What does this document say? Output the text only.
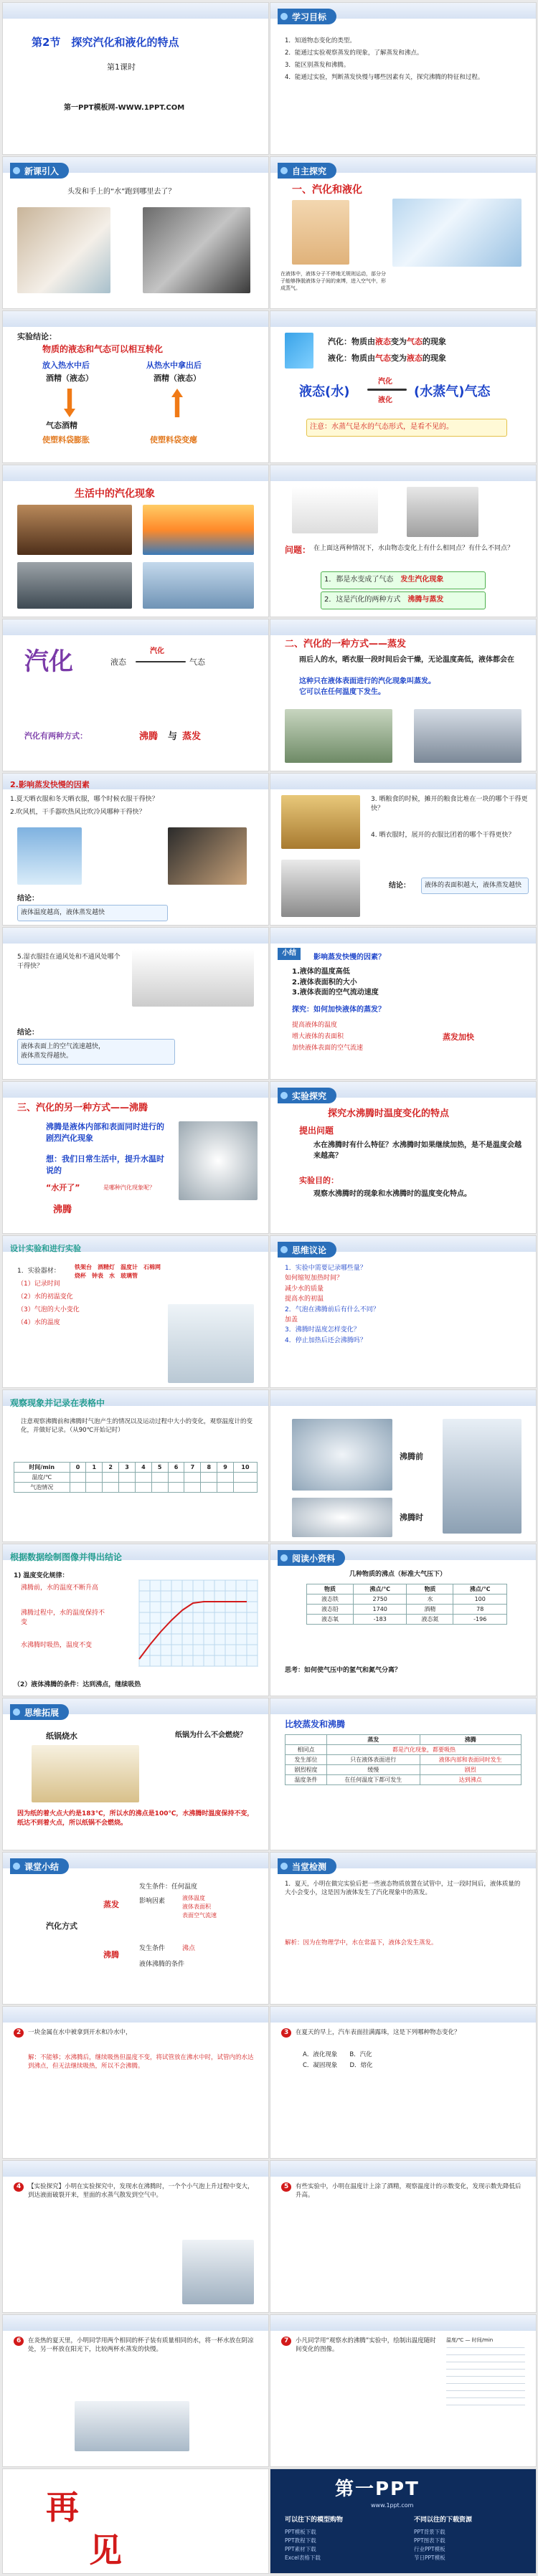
第2节　探究汽化和液化的特点
第1课时
第一PPT模板网-WWW.1PPT.COM
学习目标
1．知道物态变化的类型。
2．能通过实验观察蒸发的现象，了解蒸发和沸点。
3．能区别蒸发和沸腾。
4．能通过实验，判断蒸发快慢与哪些因素有关，探究沸腾的特征和过程。
新课引入
头发和手上的“水”跑到哪里去了？
自主探究
一、汽化和液化
在液体中，液体分子不停地无规则运动，部分分子能够挣脱液体分子间的束缚，进入空气中，形成蒸气。
实验结论：
物质的液态和气态可以相互转化
放入热水中后	从热水中拿出后
酒精（液态）	酒精（液态）
气态酒精
使塑料袋膨胀	使塑料袋变瘪
汽化：物质由液态变为气态的现象
液化：物质由气态变为液态的现象
液态(水)
汽化
液化
(水蒸气)气态
注意：水蒸气是水的气态形式，是看不见的。
生活中的汽化现象
问题： 在上面这两种情况下，水由物态变化上有什么相同点？有什么不同点？
1．都是水变成了气态　 发生汽化现象
2．这是汽化的两种方式　 沸腾与蒸发
汽化	液态
汽化
气态
汽化有两种方式：	沸腾 与 蒸发
二、汽化的一种方式——蒸发
雨后人的水，晒衣服一段时间后会干燥，无论温度高低，液体都会在
这种只在液体表面进行的汽化现象叫蒸发。
它可以在任何温度下发生。
2.影响蒸发快慢的因素
1.夏天晒衣服和冬天晒衣服，哪个时候衣服干得快？
2.吹风机，干手器吹热风比吹冷风哪种干得快？
结论：
液体温度越高，液体蒸发越快
3. 晒粮食的时候，摊开的粮食比堆在一块的哪个干得更快？
4. 晒衣服时，展开的衣服比团着的哪个干得更快？
结论：	液体的表面积越大，液体蒸发越快
5.湿衣服挂在通风处和不通风处哪个干得快？
结论：
液体表面上的空气流速越快，
液体蒸发得越快。
小结
影响蒸发快慢的因素？
1.液体的温度高低
2.液体表面积的大小
3.液体表面的空气流动速度
探究：如何加快液体的蒸发？
提高液体的温度
增大液体的表面积
加快液体表面的空气流速
蒸发加快
三、汽化的另一种方式——沸腾
沸腾是液体内部和表面同时进行的剧烈汽化现象
想：我们日常生活中，提升水温时说的
“水开了”	是哪种汽化现象呢？
沸腾
实验探究
探究水沸腾时温度变化的特点
提出问题
水在沸腾时有什么特征？水沸腾时如果继续加热，是不是温度会越来越高？
实验目的：
观察水沸腾时的现象和水沸腾时的温度变化特点。
设计实验和进行实验
1．实验器材：
（1）记录时间
（2）水的初温变化
（3）气泡的大小变化
（4）水的温度
铁架台　 酒精灯　 温度计　 石棉网
烧杯　 钟表　 水　 玻璃管
思维议论
1．实验中需要记录哪些量？
如何缩短加热时间？
减少水的质量
提高水的初温
2．气泡在沸腾前后有什么不同？
加盖
3．沸腾时温度怎样变化？
4．停止加热后还会沸腾吗？
观察现象并记录在表格中
注意观察沸腾前和沸腾时气泡产生的情况以及运动过程中大小的变化，观察温度计的变化，并做好记录。（从90℃开始记时）
时间/min	0	1	2	3	4	5	6	7	8	9	10
温度/℃											
气泡情况											
沸腾前
沸腾时
根据数据绘制图像并得出结论
1) 温度变化规律：
沸腾前，水的温度不断升高
沸腾过程中，水的温度保持不变
水沸腾时吸热，温度不变
（2）液体沸腾的条件：达到沸点，继续吸热
阅读小资料
几种物质的沸点（标准大气压下）
物质	沸点/℃	物质	沸点/℃
液态铁	2750	水	100
液态铅	1740	酒精	78
液态氧	-183	液态氮	-196
思考：如何使气压中的氢气和氮气分离？
思维拓展
纸锅烧水	纸锅为什么不会燃烧？
因为纸的着火点大约是183℃，所以水的沸点是100℃，水沸腾时温度保持不变，纸达不到着火点，所以纸锅不会燃烧。
比较蒸发和沸腾
	蒸发	沸腾
相同点	都是汽化现象，都要吸热	
发生部位	只在液体表面进行	液体内部和表面同时发生
剧烈程度	缓慢	剧烈
温度条件	在任何温度下都可发生	达到沸点
课堂小结
汽化方式
蒸发
沸腾
发生条件：任何温度
影响因素	液体温度
液体表面积
表面空气流速
发生条件	沸点
液体沸腾的条件
当堂检测
1．夏天，小明在做完实验后把一些液态物质放置在试管中，过一段时间后，液体质量的大小会变小，这是因为液体发生了汽化现象中的蒸发。
解析：因为在物理学中，水在常温下，液体会发生蒸发。
2	一块金属在水中被拿到开水和冷水中，
解：不能够；水沸腾后，继续吸热但温度不变，将试管放在沸水中时，试管内的水达到沸点，但无法继续吸热，所以不会沸腾。
3	在夏天的早上，汽车表面挂满露珠，这是下列哪种物态变化？
A．液化现象　　 B．汽化
C．凝固现象　　 D．熔化
4	【实验探究】小明在实验探究中，发现水在沸腾时，一个个小气泡上升过程中变大，到达液面破裂开来，里面的水蒸气散发到空气中。
5	有些实验中，小明在温度计上涂了酒精，观察温度计的示数变化，发现示数先降低后升高。
6	在炎热的夏天里，小明同学用两个相同的杯子装有质量相同的水，将一杯水放在阴凉处，另一杯放在阳光下，比较两杯水蒸发的快慢。
7	小凡同学用“观察水的沸腾”实验中，绘制出温度随时间变化的图像。
温度/℃ — 时间/min
再
见
第一PPT
www.1ppt.com
可以往下的模型购物	不同以往的下载资源
PPT模板下载
PPT教程下载
PPT素材下载
Excel表格下载
PPT背景下载
PPT图表下载
行业PPT模板
节日PPT模板
